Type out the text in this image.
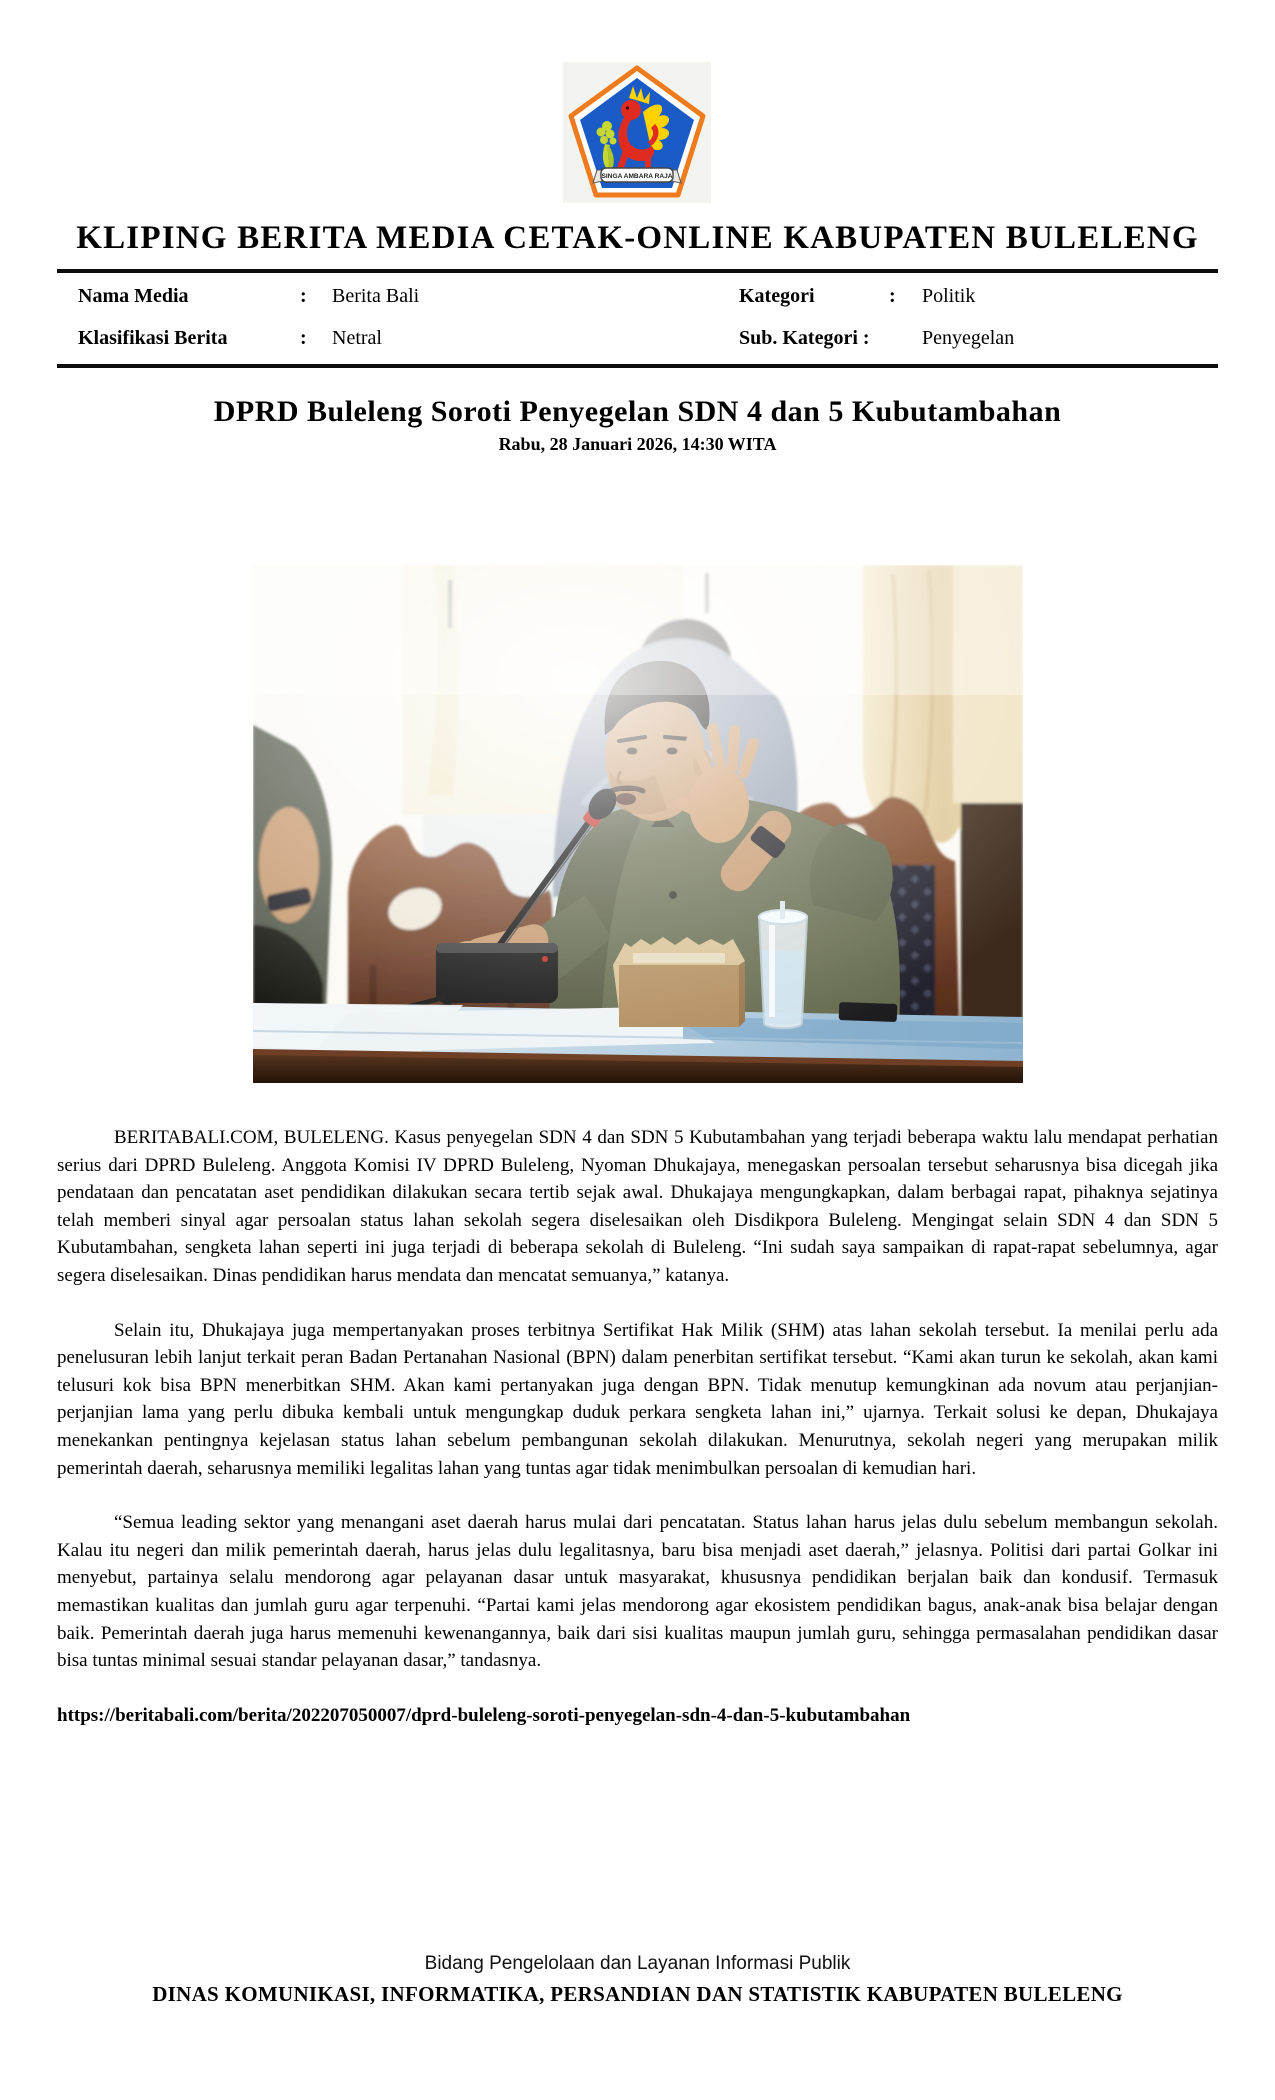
SINGA AMBARA RAJA
KLIPING BERITA MEDIA CETAK-ONLINE KABUPATEN BULELENG
Nama Media	: Berita Bali	Kategori	: Politik
Klasifikasi Berita	: Netral	Sub. Kategori :	Penyegelan
DPRD Buleleng Soroti Penyegelan SDN 4 dan 5 Kubutambahan
Rabu, 28 Januari 2026, 14:30 WITA

BERITABALI.COM, BULELENG. Kasus penyegelan SDN 4 dan SDN 5 Kubutambahan yang terjadi beberapa waktu lalu mendapat perhatian serius dari DPRD Buleleng. Anggota Komisi IV DPRD Buleleng, Nyoman Dhukajaya, menegaskan persoalan tersebut seharusnya bisa dicegah jika pendataan dan pencatatan aset pendidikan dilakukan secara tertib sejak awal. Dhukajaya mengungkapkan, dalam berbagai rapat, pihaknya sejatinya telah memberi sinyal agar persoalan status lahan sekolah segera diselesaikan oleh Disdikpora Buleleng. Mengingat selain SDN 4 dan SDN 5 Kubutambahan, sengketa lahan seperti ini juga terjadi di beberapa sekolah di Buleleng. “Ini sudah saya sampaikan di rapat-rapat sebelumnya, agar segera diselesaikan. Dinas pendidikan harus mendata dan mencatat semuanya,” katanya.

Selain itu, Dhukajaya juga mempertanyakan proses terbitnya Sertifikat Hak Milik (SHM) atas lahan sekolah tersebut. Ia menilai perlu ada penelusuran lebih lanjut terkait peran Badan Pertanahan Nasional (BPN) dalam penerbitan sertifikat tersebut. “Kami akan turun ke sekolah, akan kami telusuri kok bisa BPN menerbitkan SHM. Akan kami pertanyakan juga dengan BPN. Tidak menutup kemungkinan ada novum atau perjanjian-perjanjian lama yang perlu dibuka kembali untuk mengungkap duduk perkara sengketa lahan ini,” ujarnya. Terkait solusi ke depan, Dhukajaya menekankan pentingnya kejelasan status lahan sebelum pembangunan sekolah dilakukan. Menurutnya, sekolah negeri yang merupakan milik pemerintah daerah, seharusnya memiliki legalitas lahan yang tuntas agar tidak menimbulkan persoalan di kemudian hari.

“Semua leading sektor yang menangani aset daerah harus mulai dari pencatatan. Status lahan harus jelas dulu sebelum membangun sekolah. Kalau itu negeri dan milik pemerintah daerah, harus jelas dulu legalitasnya, baru bisa menjadi aset daerah,” jelasnya. Politisi dari partai Golkar ini menyebut, partainya selalu mendorong agar pelayanan dasar untuk masyarakat, khususnya pendidikan berjalan baik dan kondusif. Termasuk memastikan kualitas dan jumlah guru agar terpenuhi. “Partai kami jelas mendorong agar ekosistem pendidikan bagus, anak-anak bisa belajar dengan baik. Pemerintah daerah juga harus memenuhi kewenangannya, baik dari sisi kualitas maupun jumlah guru, sehingga permasalahan pendidikan dasar bisa tuntas minimal sesuai standar pelayanan dasar,” tandasnya.

https://beritabali.com/berita/202207050007/dprd-buleleng-soroti-penyegelan-sdn-4-dan-5-kubutambahan
Bidang Pengelolaan dan Layanan Informasi Publik
DINAS KOMUNIKASI, INFORMATIKA, PERSANDIAN DAN STATISTIK KABUPATEN BULELENG
